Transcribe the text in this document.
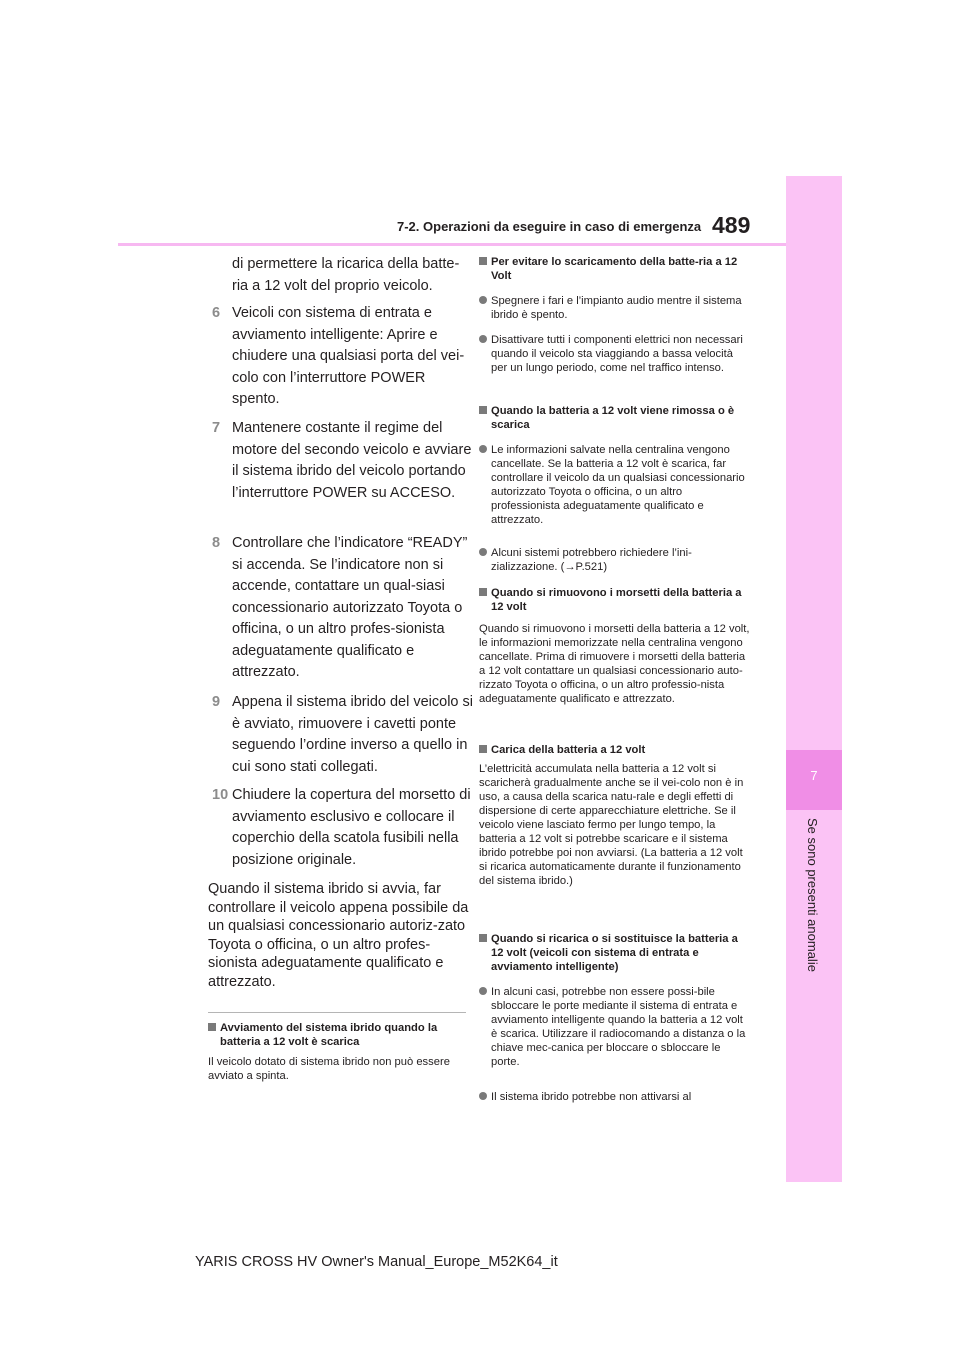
7-2. Operazioni da eseguire in caso di emergenza 489
7
Se sono presenti anomalie
di permettere la ricarica della batte-
ria a 12 volt del proprio veicolo.
6 Veicoli con sistema di entrata e avviamento intelligente: Aprire e chiudere una qualsiasi porta del vei-colo con l’interruttore POWER spento.
7 Mantenere costante il regime del motore del secondo veicolo e avviare il sistema ibrido del veicolo portando l’interruttore POWER su ACCESO.
8 Controllare che l’indicatore “READY” si accenda. Se l’indicatore non si accende, contattare un qual-siasi concessionario autorizzato Toyota o officina, o un altro profes-sionista adeguatamente qualificato e attrezzato.
9 Appena il sistema ibrido del veicolo si è avviato, rimuovere i cavetti ponte seguendo l’ordine inverso a quello in cui sono stati collegati.
10 Chiudere la copertura del morsetto di avviamento esclusivo e collocare il coperchio della scatola fusibili nella posizione originale.
Quando il sistema ibrido si avvia, far controllare il veicolo appena possibile da un qualsiasi concessionario autoriz-zato Toyota o officina, o un altro profes-sionista adeguatamente qualificato e attrezzato.
Avviamento del sistema ibrido quando la batteria a 12 volt è scarica
Il veicolo dotato di sistema ibrido non può essere avviato a spinta.
Per evitare lo scaricamento della batte-ria a 12 Volt
Spegnere i fari e l’impianto audio mentre il sistema ibrido è spento.
Disattivare tutti i componenti elettrici non necessari quando il veicolo sta viaggiando a bassa velocità per un lungo periodo, come nel traffico intenso.
Quando la batteria a 12 volt viene rimossa o è scarica
Le informazioni salvate nella centralina vengono cancellate. Se la batteria a 12 volt è scarica, far controllare il veicolo da un qualsiasi concessionario autorizzato Toyota o officina, o un altro professionista adeguatamente qualificato e attrezzato.
Alcuni sistemi potrebbero richiedere l’ini-zializzazione. (→P.521)
Quando si rimuovono i morsetti della batteria a 12 volt
Quando si rimuovono i morsetti della batteria a 12 volt, le informazioni memorizzate nella centralina vengono cancellate. Prima di rimuovere i morsetti della batteria a 12 volt contattare un qualsiasi concessionario auto-rizzato Toyota o officina, o un altro professio-nista adeguatamente qualificato e attrezzato.
Carica della batteria a 12 volt
L’elettricità accumulata nella batteria a 12 volt si scaricherà gradualmente anche se il vei-colo non è in uso, a causa della scarica natu-rale e degli effetti di dispersione di certe apparecchiature elettriche. Se il veicolo viene lasciato fermo per lungo tempo, la batteria a 12 volt si potrebbe scaricare e il sistema ibrido potrebbe poi non avviarsi. (La batteria a 12 volt si ricarica automaticamente durante il funzionamento del sistema ibrido.)
Quando si ricarica o si sostituisce la batteria a 12 volt (veicoli con sistema di entrata e avviamento intelligente)
In alcuni casi, potrebbe non essere possi-bile sbloccare le porte mediante il sistema di entrata e avviamento intelligente quando la batteria a 12 volt è scarica. Utilizzare il radiocomando a distanza o la chiave mec-canica per bloccare o sbloccare le porte.
Il sistema ibrido potrebbe non attivarsi al
YARIS CROSS HV Owner's Manual_Europe_M52K64_it
